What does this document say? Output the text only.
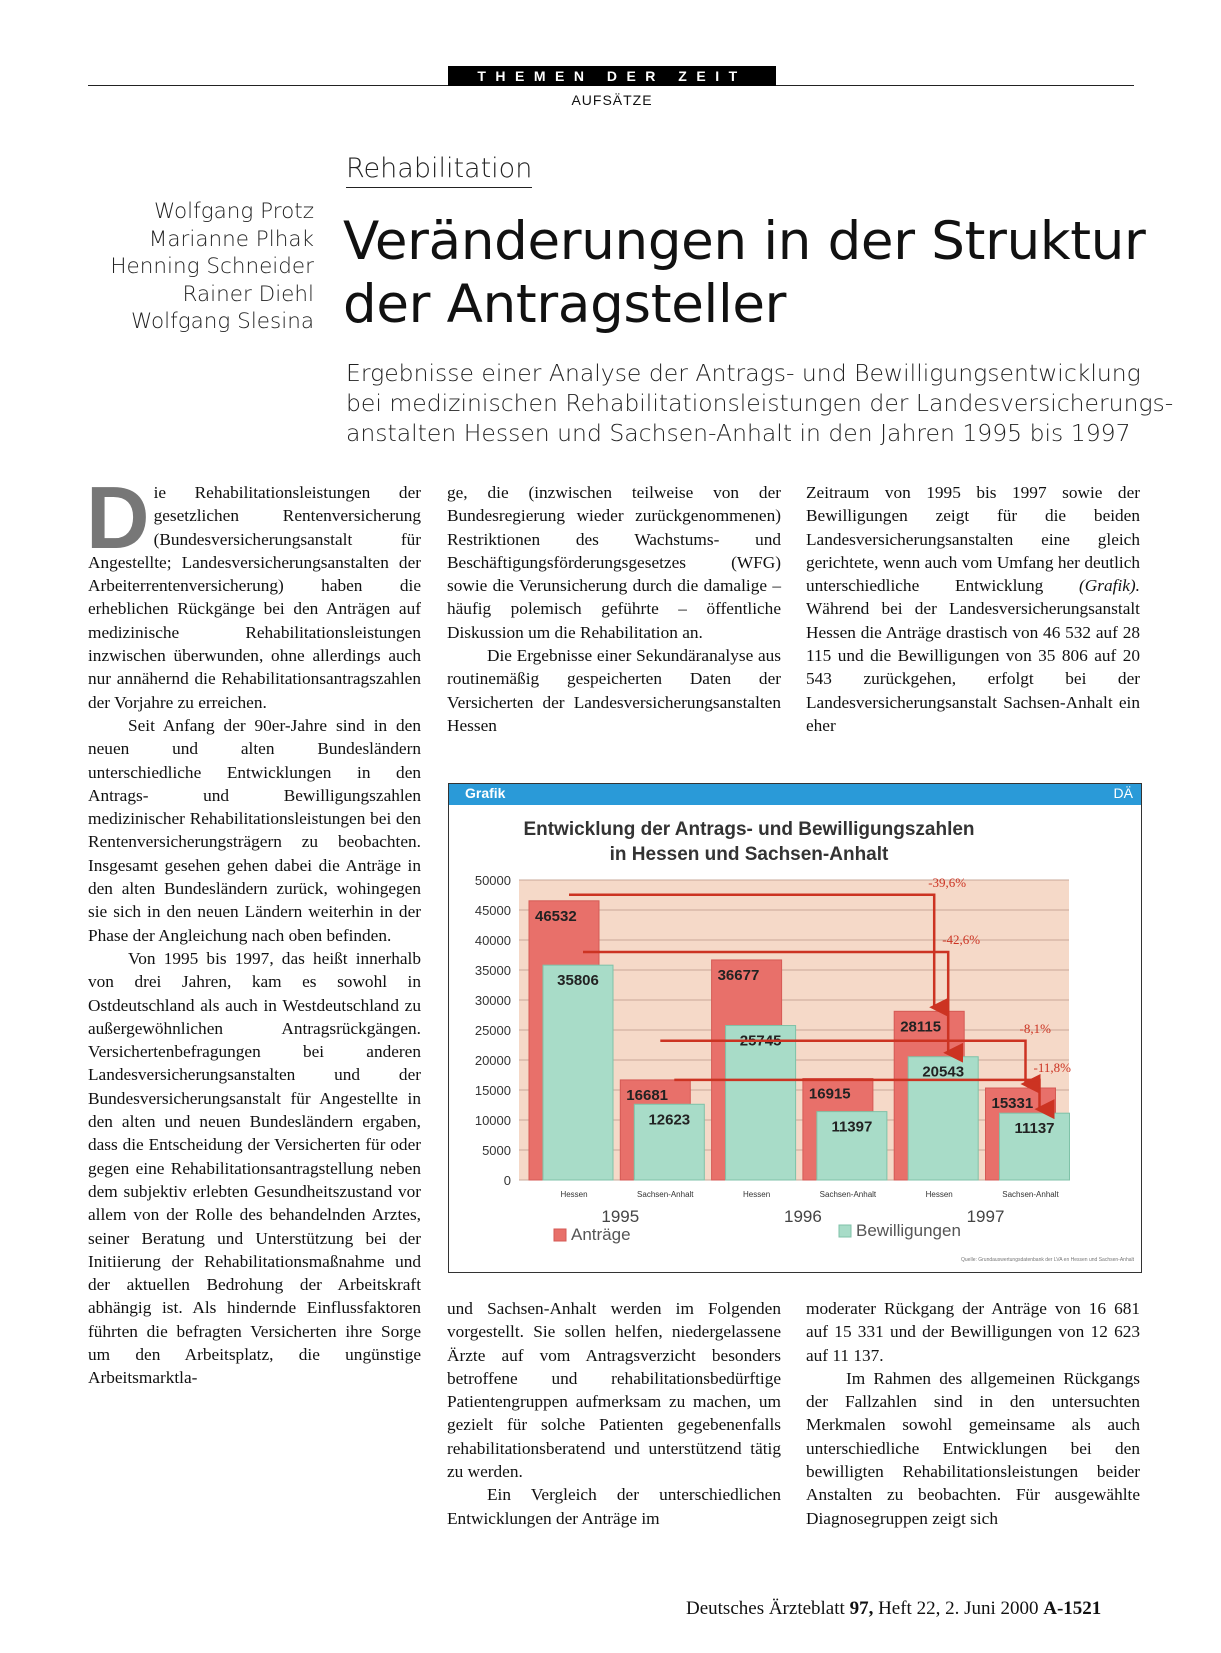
THEMEN DER ZEIT
AUFSÄTZE
Rehabilitation
Wolfgang Protz
Marianne Plhak
Henning Schneider
Rainer Diehl
Wolfgang Slesina
Veränderungen in der Struktur
der Antragsteller
Ergebnisse einer Analyse der Antrags- und Bewilligungsentwicklung
bei medizinischen Rehabilitationsleistungen der Landesversicherungs-
anstalten Hessen und Sachsen-Anhalt in den Jahren 1995 bis 1997

Die Rehabilitationsleistungen der gesetzlichen Rentenversicherung (Bundesversicherungsanstalt für Angestellte; Landesversicherungsanstalten der Arbeiterrentenversicherung) haben die erheblichen Rückgänge bei den Anträgen auf medizinische Rehabilitationsleistungen inzwischen überwunden, ohne allerdings auch nur annähernd die Rehabilitationsantragszahlen der Vorjahre zu erreichen.

Seit Anfang der 90er-Jahre sind in den neuen und alten Bundesländern unterschiedliche Entwicklungen in den Antrags- und Bewilligungszahlen medizinischer Rehabilitationsleistungen bei den Rentenversicherungsträgern zu beobachten. Insgesamt gesehen gehen dabei die Anträge in den alten Bundesländern zurück, wohingegen sie sich in den neuen Ländern weiterhin in der Phase der Angleichung nach oben befinden.

Von 1995 bis 1997, das heißt innerhalb von drei Jahren, kam es sowohl in Ostdeutschland als auch in Westdeutschland zu außergewöhnlichen Antragsrückgängen. Versichertenbefragungen bei anderen Landesversicherungsanstalten und der Bundesversicherungsanstalt für Angestellte in den alten und neuen Bundesländern ergaben, dass die Entscheidung der Versicherten für oder gegen eine Rehabilitationsantragstellung neben dem subjektiv erlebten Gesundheitszustand vor allem von der Rolle des behandelnden Arztes, seiner Beratung und Unterstützung bei der Initiierung der Rehabilitationsmaßnahme und der aktuellen Bedrohung der Arbeitskraft abhängig ist. Als hindernde Einflussfaktoren führten die befragten Versicherten ihre Sorge um den Arbeitsplatz, die ungünstige Arbeitsmarktla-

ge, die (inzwischen teilweise von der Bundesregierung wieder zurückgenommenen) Restriktionen des Wachstums- und Beschäftigungsförderungsgesetzes (WFG) sowie die Verunsicherung durch die damalige – häufig polemisch geführte – öffentliche Diskussion um die Rehabilitation an.

Die Ergebnisse einer Sekundäranalyse aus routinemäßig gespeicherten Daten der Versicherten der Landesversicherungsanstalten Hessen

Zeitraum von 1995 bis 1997 sowie der Bewilligungen zeigt für die beiden Landesversicherungsanstalten eine gleich gerichtete, wenn auch vom Umfang her deutlich unterschiedliche Entwicklung (Grafik). Während bei der Landesversicherungsanstalt Hessen die Anträge drastisch von 46 532 auf 28 115 und die Bewilligungen von 35 806 auf 20 543 zurückgehen, erfolgt bei der Landesversicherungsanstalt Sachsen-Anhalt ein eher

Grafik	DÄ
Entwicklung der Antrags- und Bewilligungszahlen
in Hessen und Sachsen-Anhalt
0
5000
10000
15000
20000
25000
30000
35000
40000
45000
50000
46532
35806
Hessen
16681
12623
Sachsen-Anhalt
36677
25745
Hessen
16915
11397
Sachsen-Anhalt
28115
20543
Hessen
15331
11137
Sachsen-Anhalt
1995	1996	1997
-39,6%
-42,6%
-8,1%
-11,8%
Anträge	Bewilligungen
Quelle: Grundauswertungsdatenbank der LVA en Hessen und Sachsen-Anhalt

und Sachsen-Anhalt werden im Folgenden vorgestellt. Sie sollen helfen, niedergelassene Ärzte auf vom Antragsverzicht besonders betroffene und rehabilitationsbedürftige Patientengruppen aufmerksam zu machen, um gezielt für solche Patienten gegebenenfalls rehabilitationsberatend und unterstützend tätig zu werden.

Ein Vergleich der unterschiedlichen Entwicklungen der Anträge im

moderater Rückgang der Anträge von 16 681 auf 15 331 und der Bewilligungen von 12 623 auf 11 137.

Im Rahmen des allgemeinen Rückgangs der Fallzahlen sind in den untersuchten Merkmalen sowohl gemeinsame als auch unterschiedliche Entwicklungen bei den bewilligten Rehabilitationsleistungen beider Anstalten zu beobachten. Für ausgewählte Diagnosegruppen zeigt sich

Deutsches Ärzteblatt 97, Heft 22, 2. Juni 2000 A-1521
